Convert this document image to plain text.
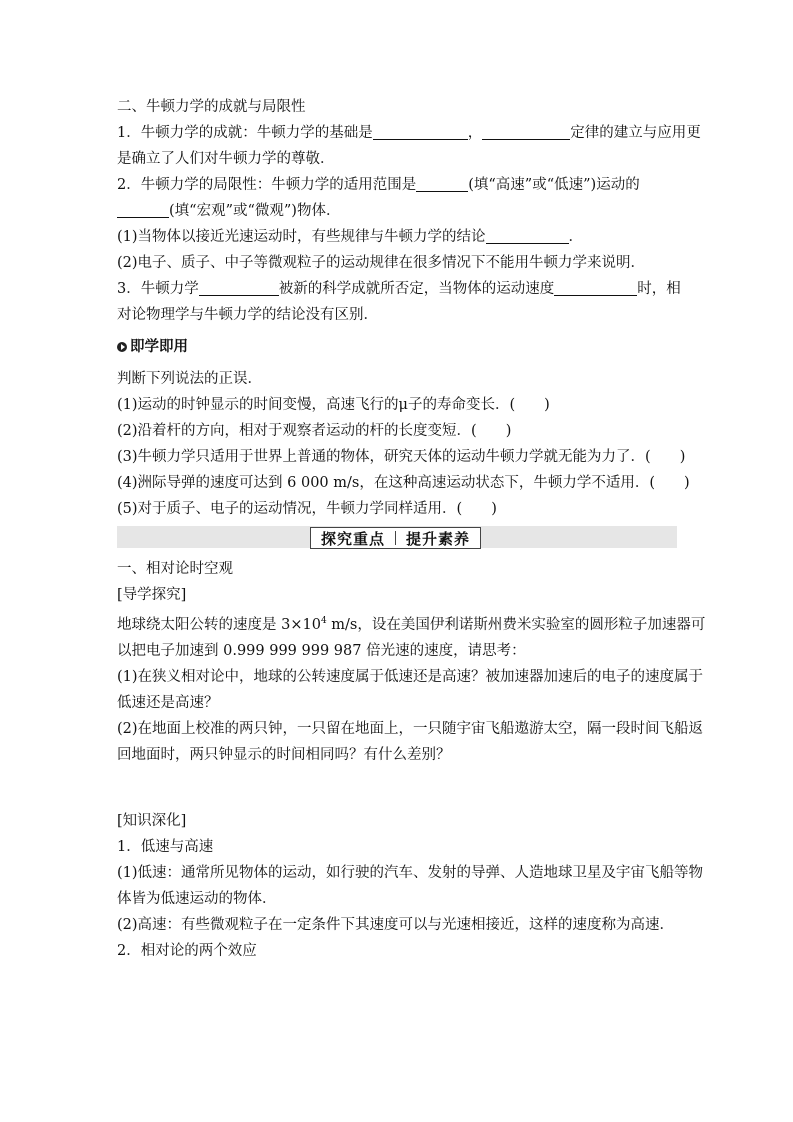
二、牛顿力学的成就与局限性
1．牛顿力学的成就：牛顿力学的基础是	，	定律的建立与应用更
是确立了人们对牛顿力学的尊敬．
2．牛顿力学的局限性：牛顿力学的适用范围是	(填“高速”或“低速”)运动的
(填“宏观”或“微观”)物体．
(1)当物体以接近光速运动时，有些规律与牛顿力学的结论	．
(2)电子、质子、中子等微观粒子的运动规律在很多情况下不能用牛顿力学来说明．
3．牛顿力学	被新的科学成就所否定，当物体的运动速度	时，相
对论物理学与牛顿力学的结论没有区别．
即学即用
判断下列说法的正误．
(1)运动的时钟显示的时间变慢，高速飞行的μ子的寿命变长．(　　)
(2)沿着杆的方向，相对于观察者运动的杆的长度变短．(　　)
(3)牛顿力学只适用于世界上普通的物体，研究天体的运动牛顿力学就无能为力了．(　　)
(4)洲际导弹的速度可达到 6 000 m/s，在这种高速运动状态下，牛顿力学不适用．(　　)
(5)对于质子、电子的运动情况，牛顿力学同样适用．(　　)
探究重点	提升素养
一、相对论时空观
[导学探究]
地球绕太阳公转的速度是 $3\times 10^4$ m/s，设在美国伊利诺斯州费米实验室的圆形粒子加速器可
以把电子加速到 0.999 999 999 987 倍光速的速度，请思考：
(1)在狭义相对论中，地球的公转速度属于低速还是高速？被加速器加速后的电子的速度属于
低速还是高速？
(2)在地面上校准的两只钟，一只留在地面上，一只随宇宙飞船遨游太空，隔一段时间飞船返
回地面时，两只钟显示的时间相同吗？有什么差别？
[知识深化]
1．低速与高速
(1)低速：通常所见物体的运动，如行驶的汽车、发射的导弹、人造地球卫星及宇宙飞船等物
体皆为低速运动的物体．
(2)高速：有些微观粒子在一定条件下其速度可以与光速相接近，这样的速度称为高速．
2．相对论的两个效应
